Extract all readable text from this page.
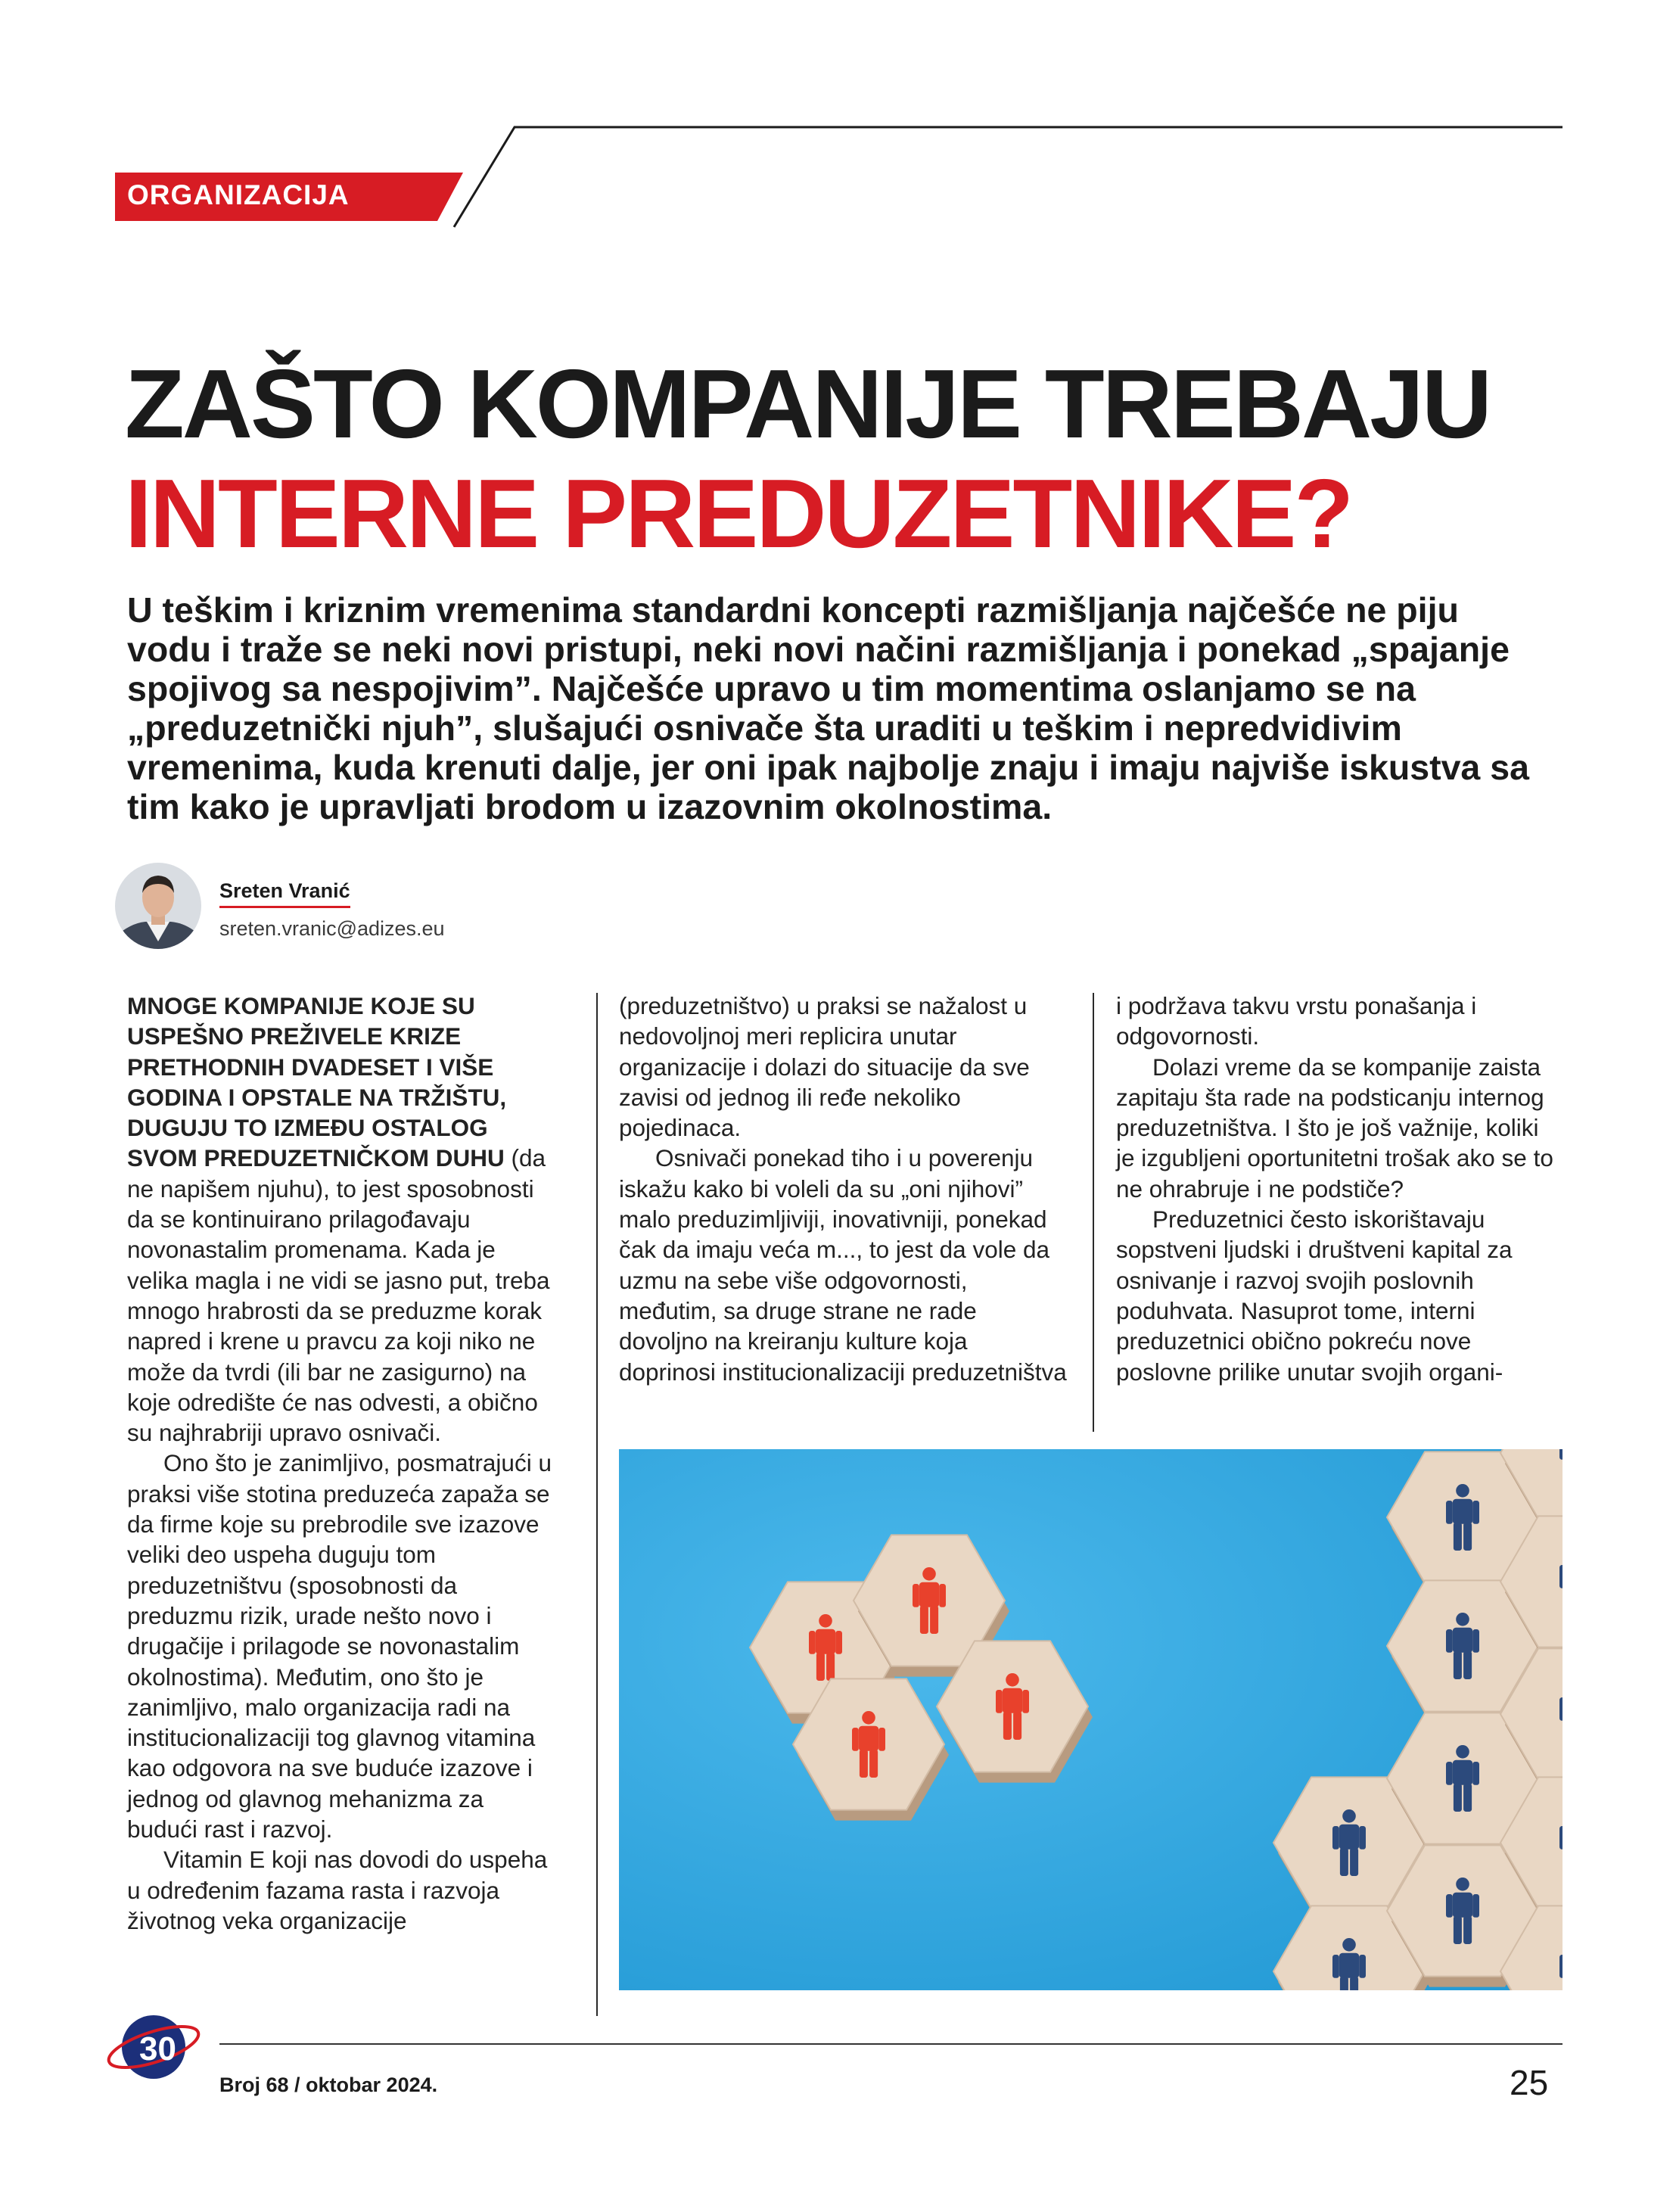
ORGANIZACIJA
ZAŠTO KOMPANIJE TREBAJU
INTERNE PREDUZETNIKE?
U teškim i kriznim vremenima standardni koncepti razmišljanja najčešće ne piju vodu i traže se neki novi pristupi, neki novi načini razmišljanja i ponekad „spajanje spojivog sa nespojivim”. Najčešće upravo u tim momentima oslanjamo se na „preduzetnički njuh”, slušajući osnivače šta uraditi u teškim i nepredvidivim vremenima, kuda krenuti dalje, jer oni ipak najbolje znaju i imaju najviše iskustva sa tim kako je upravljati brodom u izazovnim okolnostima.
Sreten Vranić
sreten.vranic@adizes.eu

MNOGE KOMPANIJE KOJE SU USPEŠNO PREŽIVELE KRIZE PRETHODNIH DVADESET I VIŠE GODINA I OPSTALE NA TRŽIŠTU, DUGUJU TO IZMEĐU OSTALOG SVOM PREDUZETNIČKOM DUHU (da ne napišem njuhu), to jest sposobnosti da se kontinuirano prilagođavaju novonastalim promenama. Kada je velika magla i ne vidi se jasno put, treba mnogo hrabrosti da se preduzme korak napred i krene u pravcu za koji niko ne može da tvrdi (ili bar ne zasigurno) na koje odredište će nas odvesti, a obično su najhrabriji upravo osnivači.

Ono što je zanimljivo, posmatrajući u praksi više stotina preduzeća zapaža se da firme koje su prebrodile sve izazove veliki deo uspeha duguju tom preduzetništvu (sposobnosti da preduzmu rizik, urade nešto novo i drugačije i prilagode se novonastalim okolnostima). Međutim, ono što je zanimljivo, malo organizacija radi na institucionalizaciji tog glavnog vitamina kao odgovora na sve buduće izazove i jednog od glavnog mehanizma za budući rast i razvoj.

Vitamin E koji nas dovodi do uspeha u određenim fazama rasta i razvoja životnog veka organizacije

(preduzetništvo) u praksi se nažalost u nedovoljnoj meri replicira unutar organizacije i dolazi do situacije da sve zavisi od jednog ili ređe nekoliko pojedinaca.

Osnivači ponekad tiho i u poverenju iskažu kako bi voleli da su „oni njihovi” malo preduzimljiviji, inovativniji, ponekad čak da imaju veća m..., to jest da vole da uzmu na sebe više odgovornosti, međutim, sa druge strane ne rade dovoljno na kreiranju kulture koja doprinosi institucionalizaciji preduzetništva

i podržava takvu vrstu ponašanja i odgovornosti.

Dolazi vreme da se kompanije zaista zapitaju šta rade na podsticanju internog preduzetništva. I što je još važnije, koliki je izgubljeni oportunitetni trošak ako se to ne ohrabruje i ne podstiče?

Preduzetnici često iskorištavaju sopstveni ljudski i društveni kapital za osnivanje i razvoj svojih poslovnih poduhvata. Nasuprot tome, interni preduzetnici obično pokreću nove poslovne prilike unutar svojih organi-

30
Broj 68 / oktobar 2024.	25
